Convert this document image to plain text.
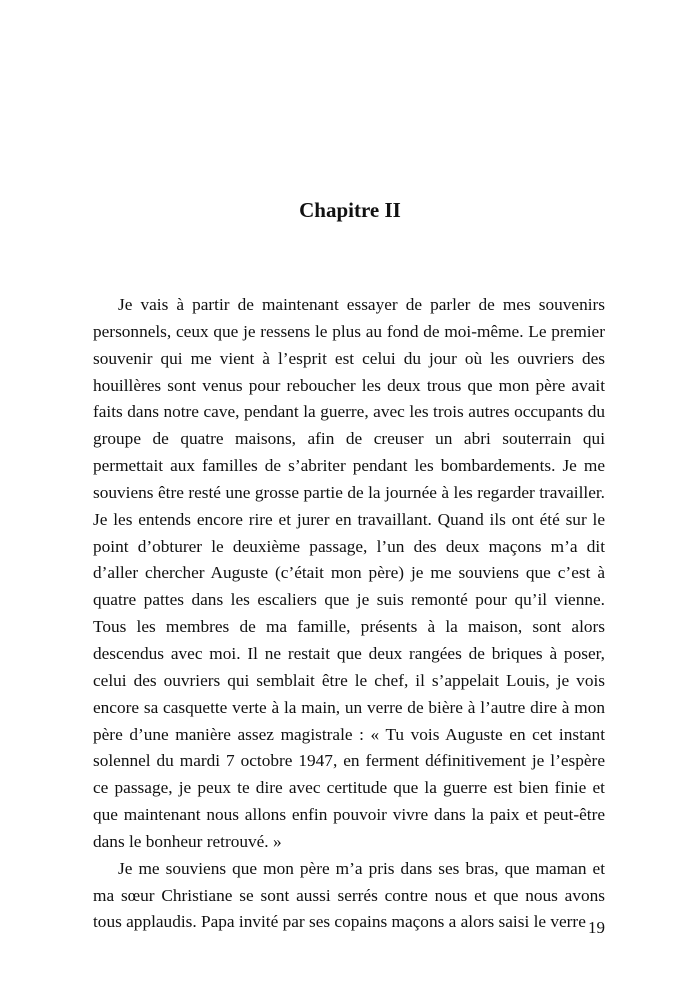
Chapitre II

Je vais à partir de maintenant essayer de parler de mes souvenirs personnels, ceux que je ressens le plus au fond de moi-même. Le premier souvenir qui me vient à l’esprit est celui du jour où les ouvriers des houillères sont venus pour reboucher les deux trous que mon père avait faits dans notre cave, pendant la guerre, avec les trois autres occupants du groupe de quatre maisons, afin de creuser un abri souterrain qui permettait aux familles de s’abriter pendant les bombardements. Je me souviens être resté une grosse partie de la journée à les regarder travailler. Je les entends encore rire et jurer en travaillant. Quand ils ont été sur le point d’obturer le deuxième passage, l’un des deux maçons m’a dit d’aller chercher Auguste (c’était mon père) je me souviens que c’est à quatre pattes dans les escaliers que je suis remonté pour qu’il vienne. Tous les membres de ma famille, présents à la maison, sont alors descendus avec moi. Il ne restait que deux rangées de briques à poser, celui des ouvriers qui semblait être le chef, il s’appelait Louis, je vois encore sa casquette verte à la main, un verre de bière à l’autre dire à mon père d’une manière assez magistrale : « Tu vois Auguste en cet instant solennel du mardi 7 octobre 1947, en ferment définitivement je l’espère ce passage, je peux te dire avec certitude que la guerre est bien finie et que maintenant nous allons enfin pouvoir vivre dans la paix et peut-être dans le bonheur retrouvé. »

Je me souviens que mon père m’a pris dans ses bras, que maman et ma sœur Christiane se sont aussi serrés contre nous et que nous avons tous applaudis. Papa invité par ses copains maçons a alors saisi le verre 19
